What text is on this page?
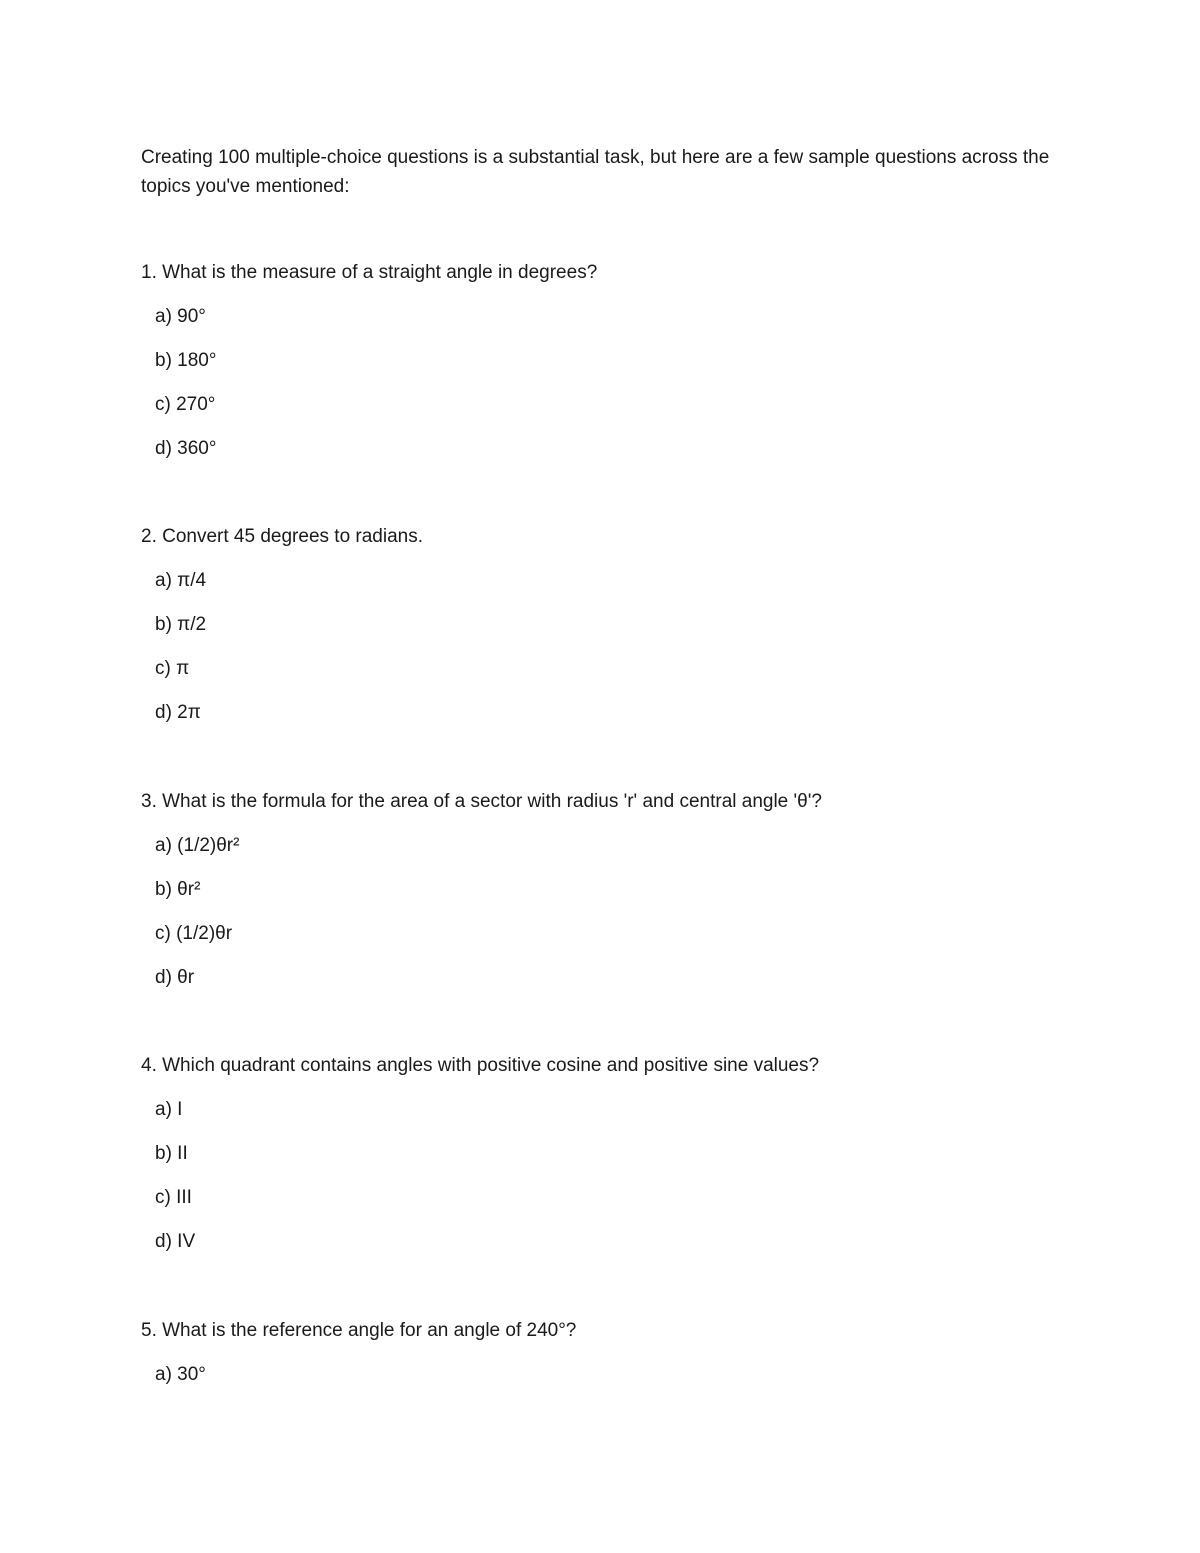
Creating 100 multiple-choice questions is a substantial task, but here are a few sample questions across the topics you've mentioned:

1. What is the measure of a straight angle in degrees?

a) 90°
b) 180°
c) 270°
d) 360°

2. Convert 45 degrees to radians.

a) π/4
b) π/2
c) π
d) 2π

3. What is the formula for the area of a sector with radius 'r' and central angle 'θ'?

a) (1/2)θr²
b) θr²
c) (1/2)θr
d) θr

4. Which quadrant contains angles with positive cosine and positive sine values?

a) I
b) II
c) III
d) IV

5. What is the reference angle for an angle of 240°?

a) 30°
